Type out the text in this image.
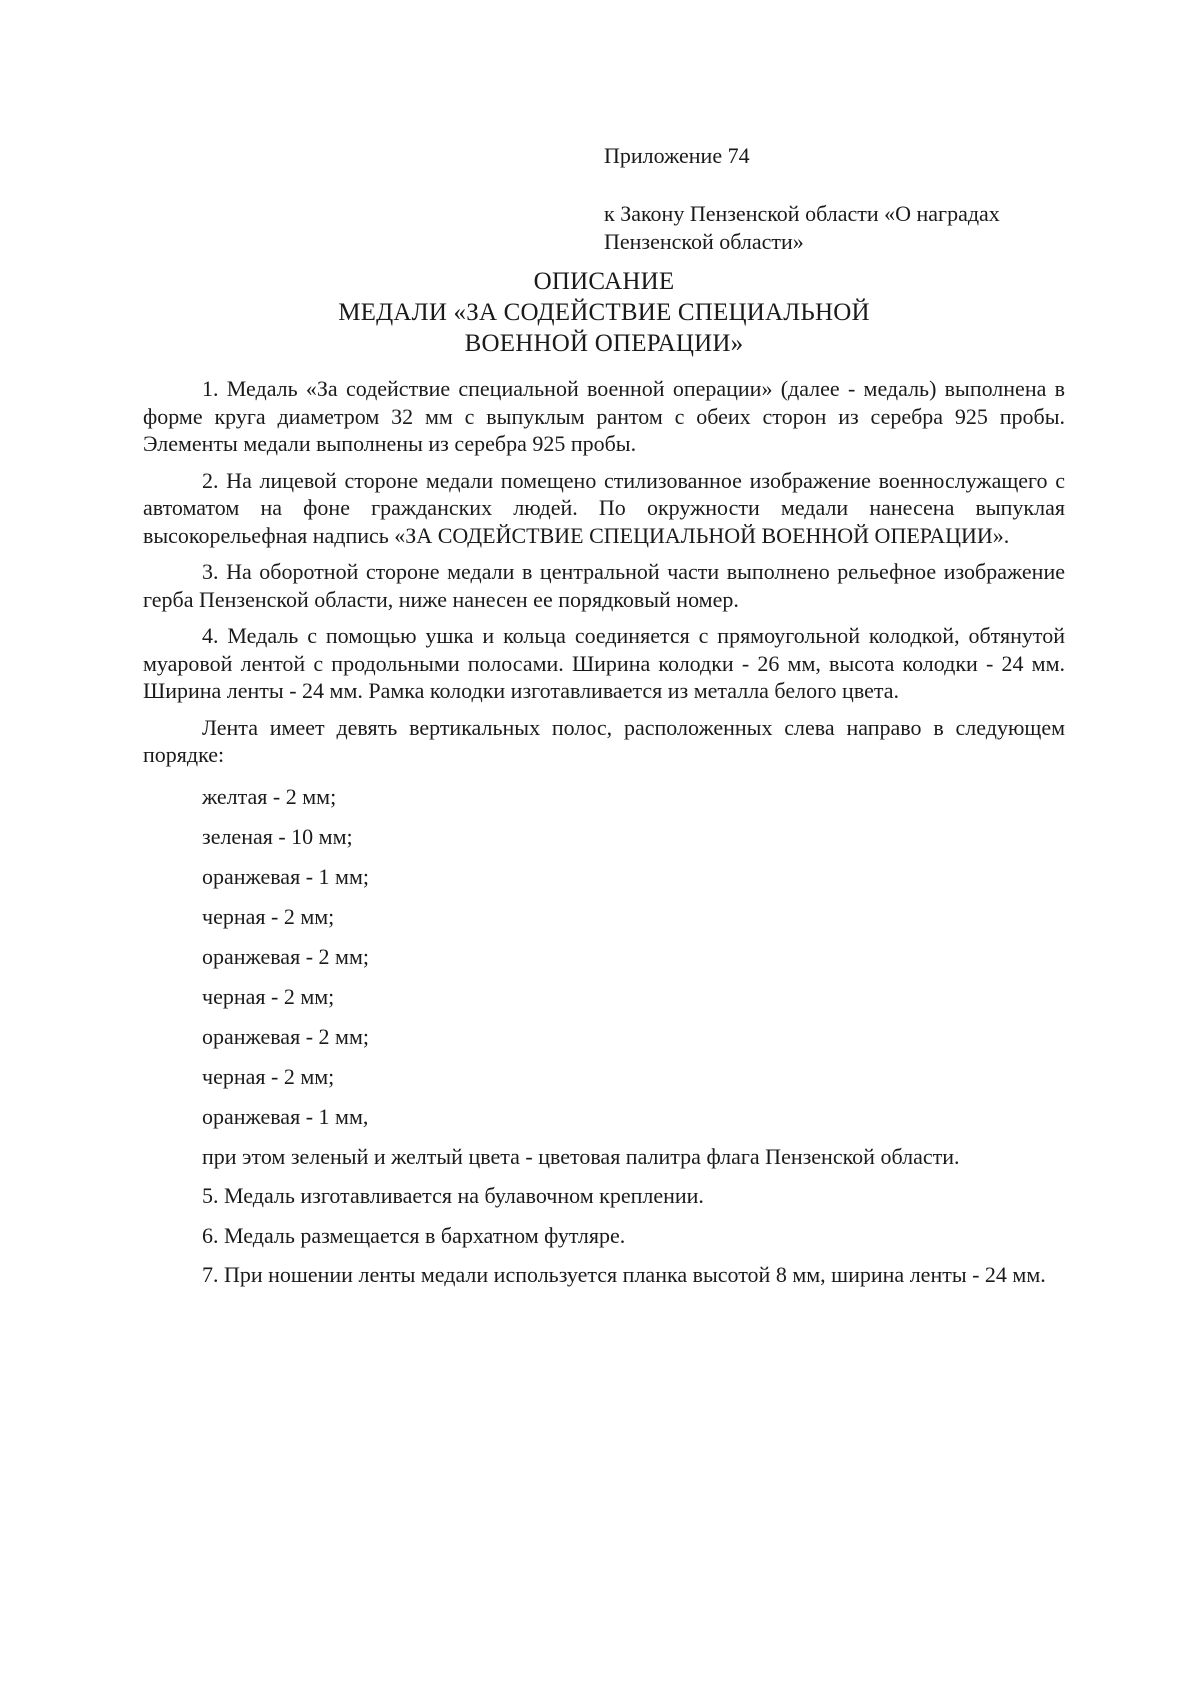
Приложение 74

к Закону Пензенской области «О наградах
Пензенской области»

ОПИСАНИЕ
МЕДАЛИ «ЗА СОДЕЙСТВИЕ СПЕЦИАЛЬНОЙ
ВОЕННОЙ ОПЕРАЦИИ»

1. Медаль «За содействие специальной военной операции» (далее - медаль) выполнена в форме круга диаметром 32 мм с выпуклым рантом с обеих сторон из серебра 925 пробы. Элементы медали выполнены из серебра 925 пробы.

2. На лицевой стороне медали помещено стилизованное изображение военнослужащего с автоматом на фоне гражданских людей. По окружности медали нанесена выпуклая высокорельефная надпись «ЗА СОДЕЙСТВИЕ СПЕЦИАЛЬНОЙ ВОЕННОЙ ОПЕРАЦИИ».

3. На оборотной стороне медали в центральной части выполнено рельефное изображение герба Пензенской области, ниже нанесен ее порядковый номер.

4. Медаль с помощью ушка и кольца соединяется с прямоугольной колодкой, обтянутой муаровой лентой с продольными полосами. Ширина колодки - 26 мм, высота колодки - 24 мм. Ширина ленты - 24 мм. Рамка колодки изготавливается из металла белого цвета.

Лента имеет девять вертикальных полос, расположенных слева направо в следующем порядке:

желтая - 2 мм;
зеленая - 10 мм;
оранжевая - 1 мм;
черная - 2 мм;
оранжевая - 2 мм;
черная - 2 мм;
оранжевая - 2 мм;
черная - 2 мм;
оранжевая - 1 мм,
при этом зеленый и желтый цвета - цветовая палитра флага Пензенской области.

5. Медаль изготавливается на булавочном креплении.

6. Медаль размещается в бархатном футляре.

7. При ношении ленты медали используется планка высотой 8 мм, ширина ленты - 24 мм.
